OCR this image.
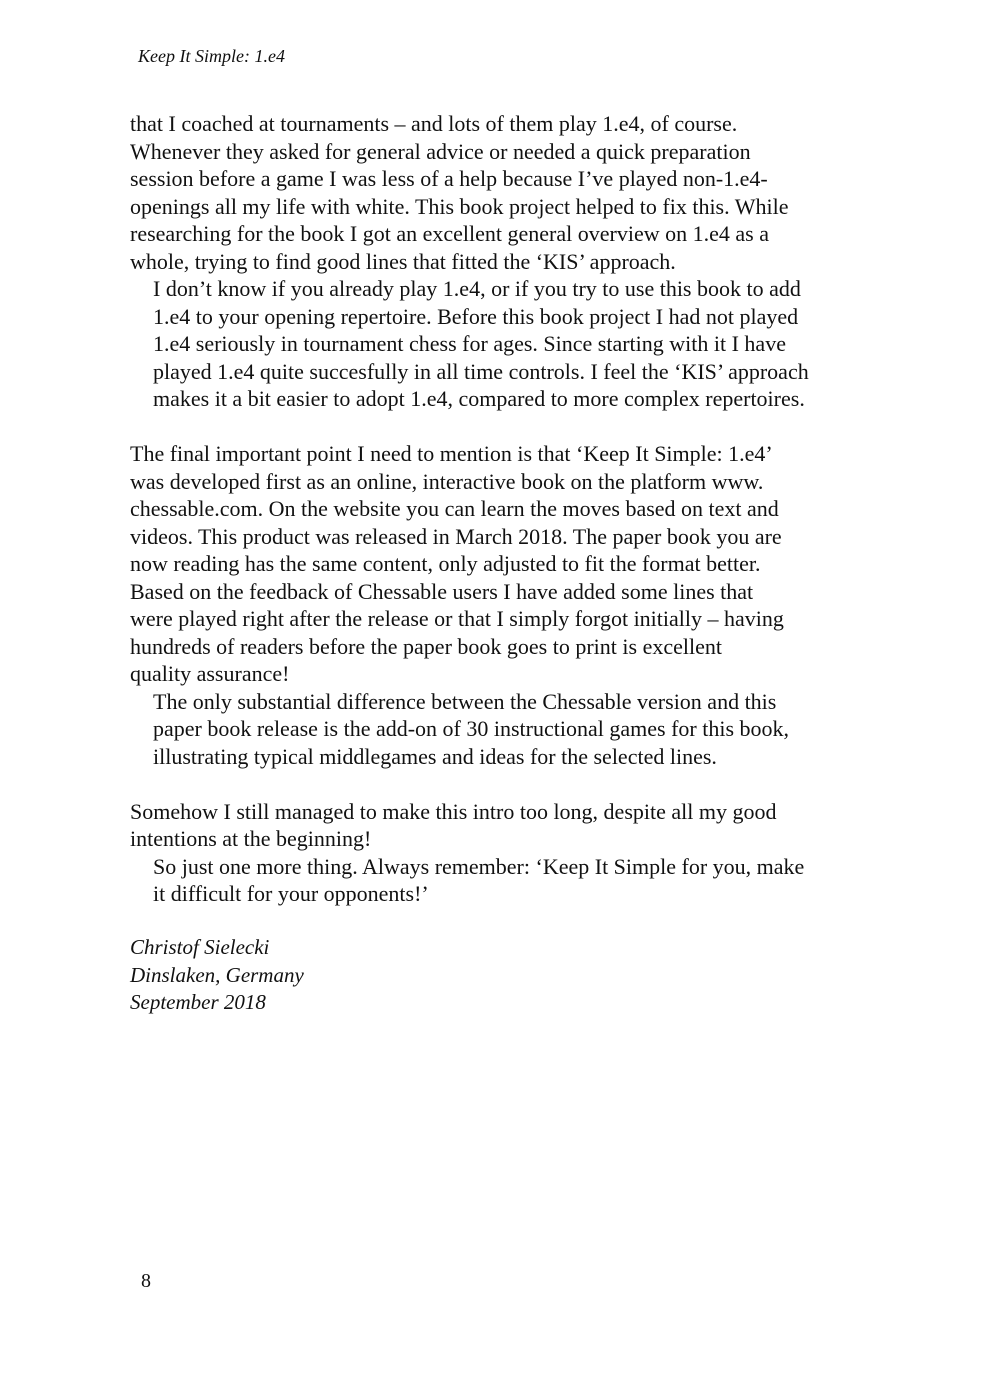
Keep It Simple: 1.e4

that I coached at tournaments – and lots of them play 1.e4, of course.
Whenever they asked for general advice or needed a quick preparation
session before a game I was less of a help because I’ve played non-1.e4-
openings all my life with white. This book project helped to fix this. While
researching for the book I got an excellent general overview on 1.e4 as a
whole, trying to find good lines that fitted the ‘KIS’ approach.

I don’t know if you already play 1.e4, or if you try to use this book to add
1.e4 to your opening repertoire. Before this book project I had not played
1.e4 seriously in tournament chess for ages. Since starting with it I have
played 1.e4 quite succesfully in all time controls. I feel the ‘KIS’ approach
makes it a bit easier to adopt 1.e4, compared to more complex repertoires.

The final important point I need to mention is that ‘Keep It Simple: 1.e4’
was developed first as an online, interactive book on the platform www.
chessable.com. On the website you can learn the moves based on text and
videos. This product was released in March 2018. The paper book you are
now reading has the same content, only adjusted to fit the format better.
Based on the feedback of Chessable users I have added some lines that
were played right after the release or that I simply forgot initially – having
hundreds of readers before the paper book goes to print is excellent
quality assurance!

The only substantial difference between the Chessable version and this
paper book release is the add-on of 30 instructional games for this book,
illustrating typical middlegames and ideas for the selected lines.

Somehow I still managed to make this intro too long, despite all my good
intentions at the beginning!

So just one more thing. Always remember: ‘Keep It Simple for you, make
it difficult for your opponents!’

Christof Sielecki
Dinslaken, Germany
September 2018
8
